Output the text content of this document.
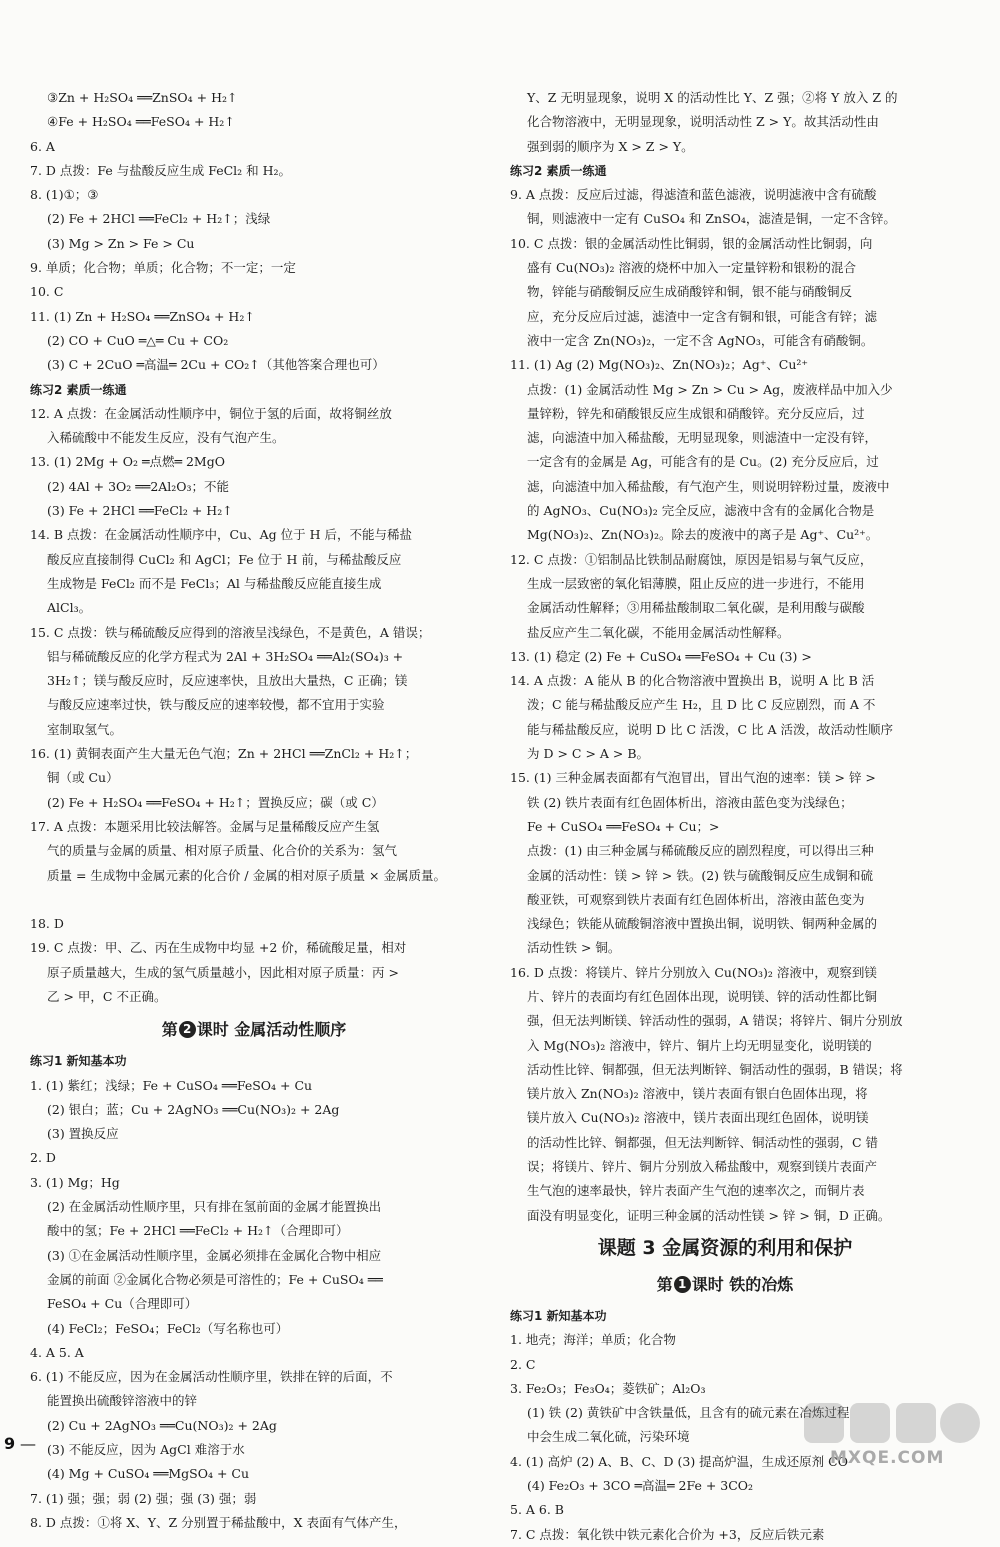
③Zn + H₂SO₄ ══ZnSO₄ + H₂↑
④Fe + H₂SO₄ ══FeSO₄ + H₂↑
6. A
7. D 点拨：Fe 与盐酸反应生成 FeCl₂ 和 H₂。
8. (1)①；③
(2) Fe + 2HCl ══FeCl₂ + H₂↑；浅绿
(3) Mg > Zn > Fe > Cu
9. 单质；化合物；单质；化合物；不一定；一定
10. C
11. (1) Zn + H₂SO₄ ══ZnSO₄ + H₂↑
(2) CO + CuO ═△═ Cu + CO₂
(3) C + 2CuO ═高温═ 2Cu + CO₂↑（其他答案合理也可）
练习2 素质一练通
12. A 点拨：在金属活动性顺序中，铜位于氢的后面，故将铜丝放
入稀硫酸中不能发生反应，没有气泡产生。
13. (1) 2Mg + O₂ ═点燃═ 2MgO
(2) 4Al + 3O₂ ══2Al₂O₃；不能
(3) Fe + 2HCl ══FeCl₂ + H₂↑
14. B 点拨：在金属活动性顺序中，Cu、Ag 位于 H 后，不能与稀盐
酸反应直接制得 CuCl₂ 和 AgCl；Fe 位于 H 前，与稀盐酸反应
生成物是 FeCl₂ 而不是 FeCl₃；Al 与稀盐酸反应能直接生成
AlCl₃。
15. C 点拨：铁与稀硫酸反应得到的溶液呈浅绿色，不是黄色，A 错误；
铝与稀硫酸反应的化学方程式为 2Al + 3H₂SO₄ ══Al₂(SO₄)₃ +
3H₂↑；镁与酸反应时，反应速率快，且放出大量热，C 正确；镁
与酸反应速率过快，铁与酸反应的速率较慢，都不宜用于实验
室制取氢气。
16. (1) 黄铜表面产生大量无色气泡；Zn + 2HCl ══ZnCl₂ + H₂↑；
铜（或 Cu）
(2) Fe + H₂SO₄ ══FeSO₄ + H₂↑；置换反应；碳（或 C）
17. A 点拨：本题采用比较法解答。金属与足量稀酸反应产生氢
气的质量与金属的质量、相对原子质量、化合价的关系为：氢气
质量 = 生成物中金属元素的化合价 / 金属的相对原子质量 × 金属质量。

18. D
19. C 点拨：甲、乙、丙在生成物中均显 +2 价，稀硫酸足量，相对
原子质量越大，生成的氢气质量越小，因此相对原子质量：丙 >
乙 > 甲，C 不正确。
第 2 课时 金属活动性顺序
练习1 新知基本功
1. (1) 紫红；浅绿；Fe + CuSO₄ ══FeSO₄ + Cu
(2) 银白；蓝；Cu + 2AgNO₃ ══Cu(NO₃)₂ + 2Ag
(3) 置换反应
2. D
3. (1) Mg；Hg
(2) 在金属活动性顺序里，只有排在氢前面的金属才能置换出
酸中的氢；Fe + 2HCl ══FeCl₂ + H₂↑（合理即可）
(3) ①在金属活动性顺序里，金属必须排在金属化合物中相应
金属的前面 ②金属化合物必须是可溶性的；Fe + CuSO₄ ══
FeSO₄ + Cu（合理即可）
(4) FeCl₂；FeSO₄；FeCl₂（写名称也可）
4. A 5. A
6. (1) 不能反应，因为在金属活动性顺序里，铁排在锌的后面，不
能置换出硫酸锌溶液中的锌
(2) Cu + 2AgNO₃ ══Cu(NO₃)₂ + 2Ag
(3) 不能反应，因为 AgCl 难溶于水
(4) Mg + CuSO₄ ══MgSO₄ + Cu
7. (1) 强；强；弱 (2) 强；强 (3) 强；弱
8. D 点拨：①将 X、Y、Z 分别置于稀盐酸中，X 表面有气体产生，
Y、Z 无明显现象，说明 X 的活动性比 Y、Z 强；②将 Y 放入 Z 的
化合物溶液中，无明显现象，说明活动性 Z > Y。故其活动性由
强到弱的顺序为 X > Z > Y。
练习2 素质一练通
9. A 点拨：反应后过滤，得滤渣和蓝色滤液，说明滤液中含有硫酸
铜，则滤液中一定有 CuSO₄ 和 ZnSO₄，滤渣是铜，一定不含锌。
10. C 点拨：银的金属活动性比铜弱，银的金属活动性比铜弱，向
盛有 Cu(NO₃)₂ 溶液的烧杯中加入一定量锌粉和银粉的混合
物，锌能与硝酸铜反应生成硝酸锌和铜，银不能与硝酸铜反
应，充分反应后过滤，滤渣中一定含有铜和银，可能含有锌；滤
液中一定含 Zn(NO₃)₂，一定不含 AgNO₃，可能含有硝酸铜。
11. (1) Ag (2) Mg(NO₃)₂、Zn(NO₃)₂；Ag⁺、Cu²⁺
点拨：(1) 金属活动性 Mg > Zn > Cu > Ag，废液样品中加入少
量锌粉，锌先和硝酸银反应生成银和硝酸锌。充分反应后，过
滤，向滤渣中加入稀盐酸，无明显现象，则滤渣中一定没有锌，
一定含有的金属是 Ag，可能含有的是 Cu。(2) 充分反应后，过
滤，向滤渣中加入稀盐酸，有气泡产生，则说明锌粉过量，废液中
的 AgNO₃、Cu(NO₃)₂ 完全反应，滤液中含有的金属化合物是
Mg(NO₃)₂、Zn(NO₃)₂。除去的废液中的离子是 Ag⁺、Cu²⁺。
12. C 点拨：①铝制品比铁制品耐腐蚀，原因是铝易与氧气反应，
生成一层致密的氧化铝薄膜，阻止反应的进一步进行，不能用
金属活动性解释；③用稀盐酸制取二氧化碳，是利用酸与碳酸
盐反应产生二氧化碳，不能用金属活动性解释。
13. (1) 稳定 (2) Fe + CuSO₄ ══FeSO₄ + Cu (3) >
14. A 点拨：A 能从 B 的化合物溶液中置换出 B，说明 A 比 B 活
泼；C 能与稀盐酸反应产生 H₂，且 D 比 C 反应剧烈，而 A 不
能与稀盐酸反应，说明 D 比 C 活泼，C 比 A 活泼，故活动性顺序
为 D > C > A > B。
15. (1) 三种金属表面都有气泡冒出，冒出气泡的速率：镁 > 锌 >
铁 (2) 铁片表面有红色固体析出，溶液由蓝色变为浅绿色；
Fe + CuSO₄ ══FeSO₄ + Cu；>
点拨：(1) 由三种金属与稀硫酸反应的剧烈程度，可以得出三种
金属的活动性：镁 > 锌 > 铁。(2) 铁与硫酸铜反应生成铜和硫
酸亚铁，可观察到铁片表面有红色固体析出，溶液由蓝色变为
浅绿色；铁能从硫酸铜溶液中置换出铜，说明铁、铜两种金属的
活动性铁 > 铜。
16. D 点拨：将镁片、锌片分别放入 Cu(NO₃)₂ 溶液中，观察到镁
片、锌片的表面均有红色固体出现，说明镁、锌的活动性都比铜
强，但无法判断镁、锌活动性的强弱，A 错误；将锌片、铜片分别放
入 Mg(NO₃)₂ 溶液中，锌片、铜片上均无明显变化，说明镁的
活动性比锌、铜都强，但无法判断锌、铜活动性的强弱，B 错误；将
镁片放入 Zn(NO₃)₂ 溶液中，镁片表面有银白色固体出现，将
镁片放入 Cu(NO₃)₂ 溶液中，镁片表面出现红色固体，说明镁
的活动性比锌、铜都强，但无法判断锌、铜活动性的强弱，C 错
误；将镁片、锌片、铜片分别放入稀盐酸中，观察到镁片表面产
生气泡的速率最快，锌片表面产生气泡的速率次之，而铜片表
面没有明显变化，证明三种金属的活动性镁 > 锌 > 铜，D 正确。
课题 3 金属资源的利用和保护
第 1 课时 铁的冶炼
练习1 新知基本功
1. 地壳；海洋；单质；化合物
2. C
3. Fe₂O₃；Fe₃O₄；菱铁矿；Al₂O₃
(1) 铁 (2) 黄铁矿中含铁量低，且含有的硫元素在冶炼过程
中会生成二氧化硫，污染环境
4. (1) 高炉 (2) A、B、C、D (3) 提高炉温，生成还原剂 CO
(4) Fe₂O₃ + 3CO ═高温═ 2Fe + 3CO₂
5. A 6. B
7. C 点拨：氧化铁中铁元素化合价为 +3，反应后铁元素
9 —
MXQE.COM
